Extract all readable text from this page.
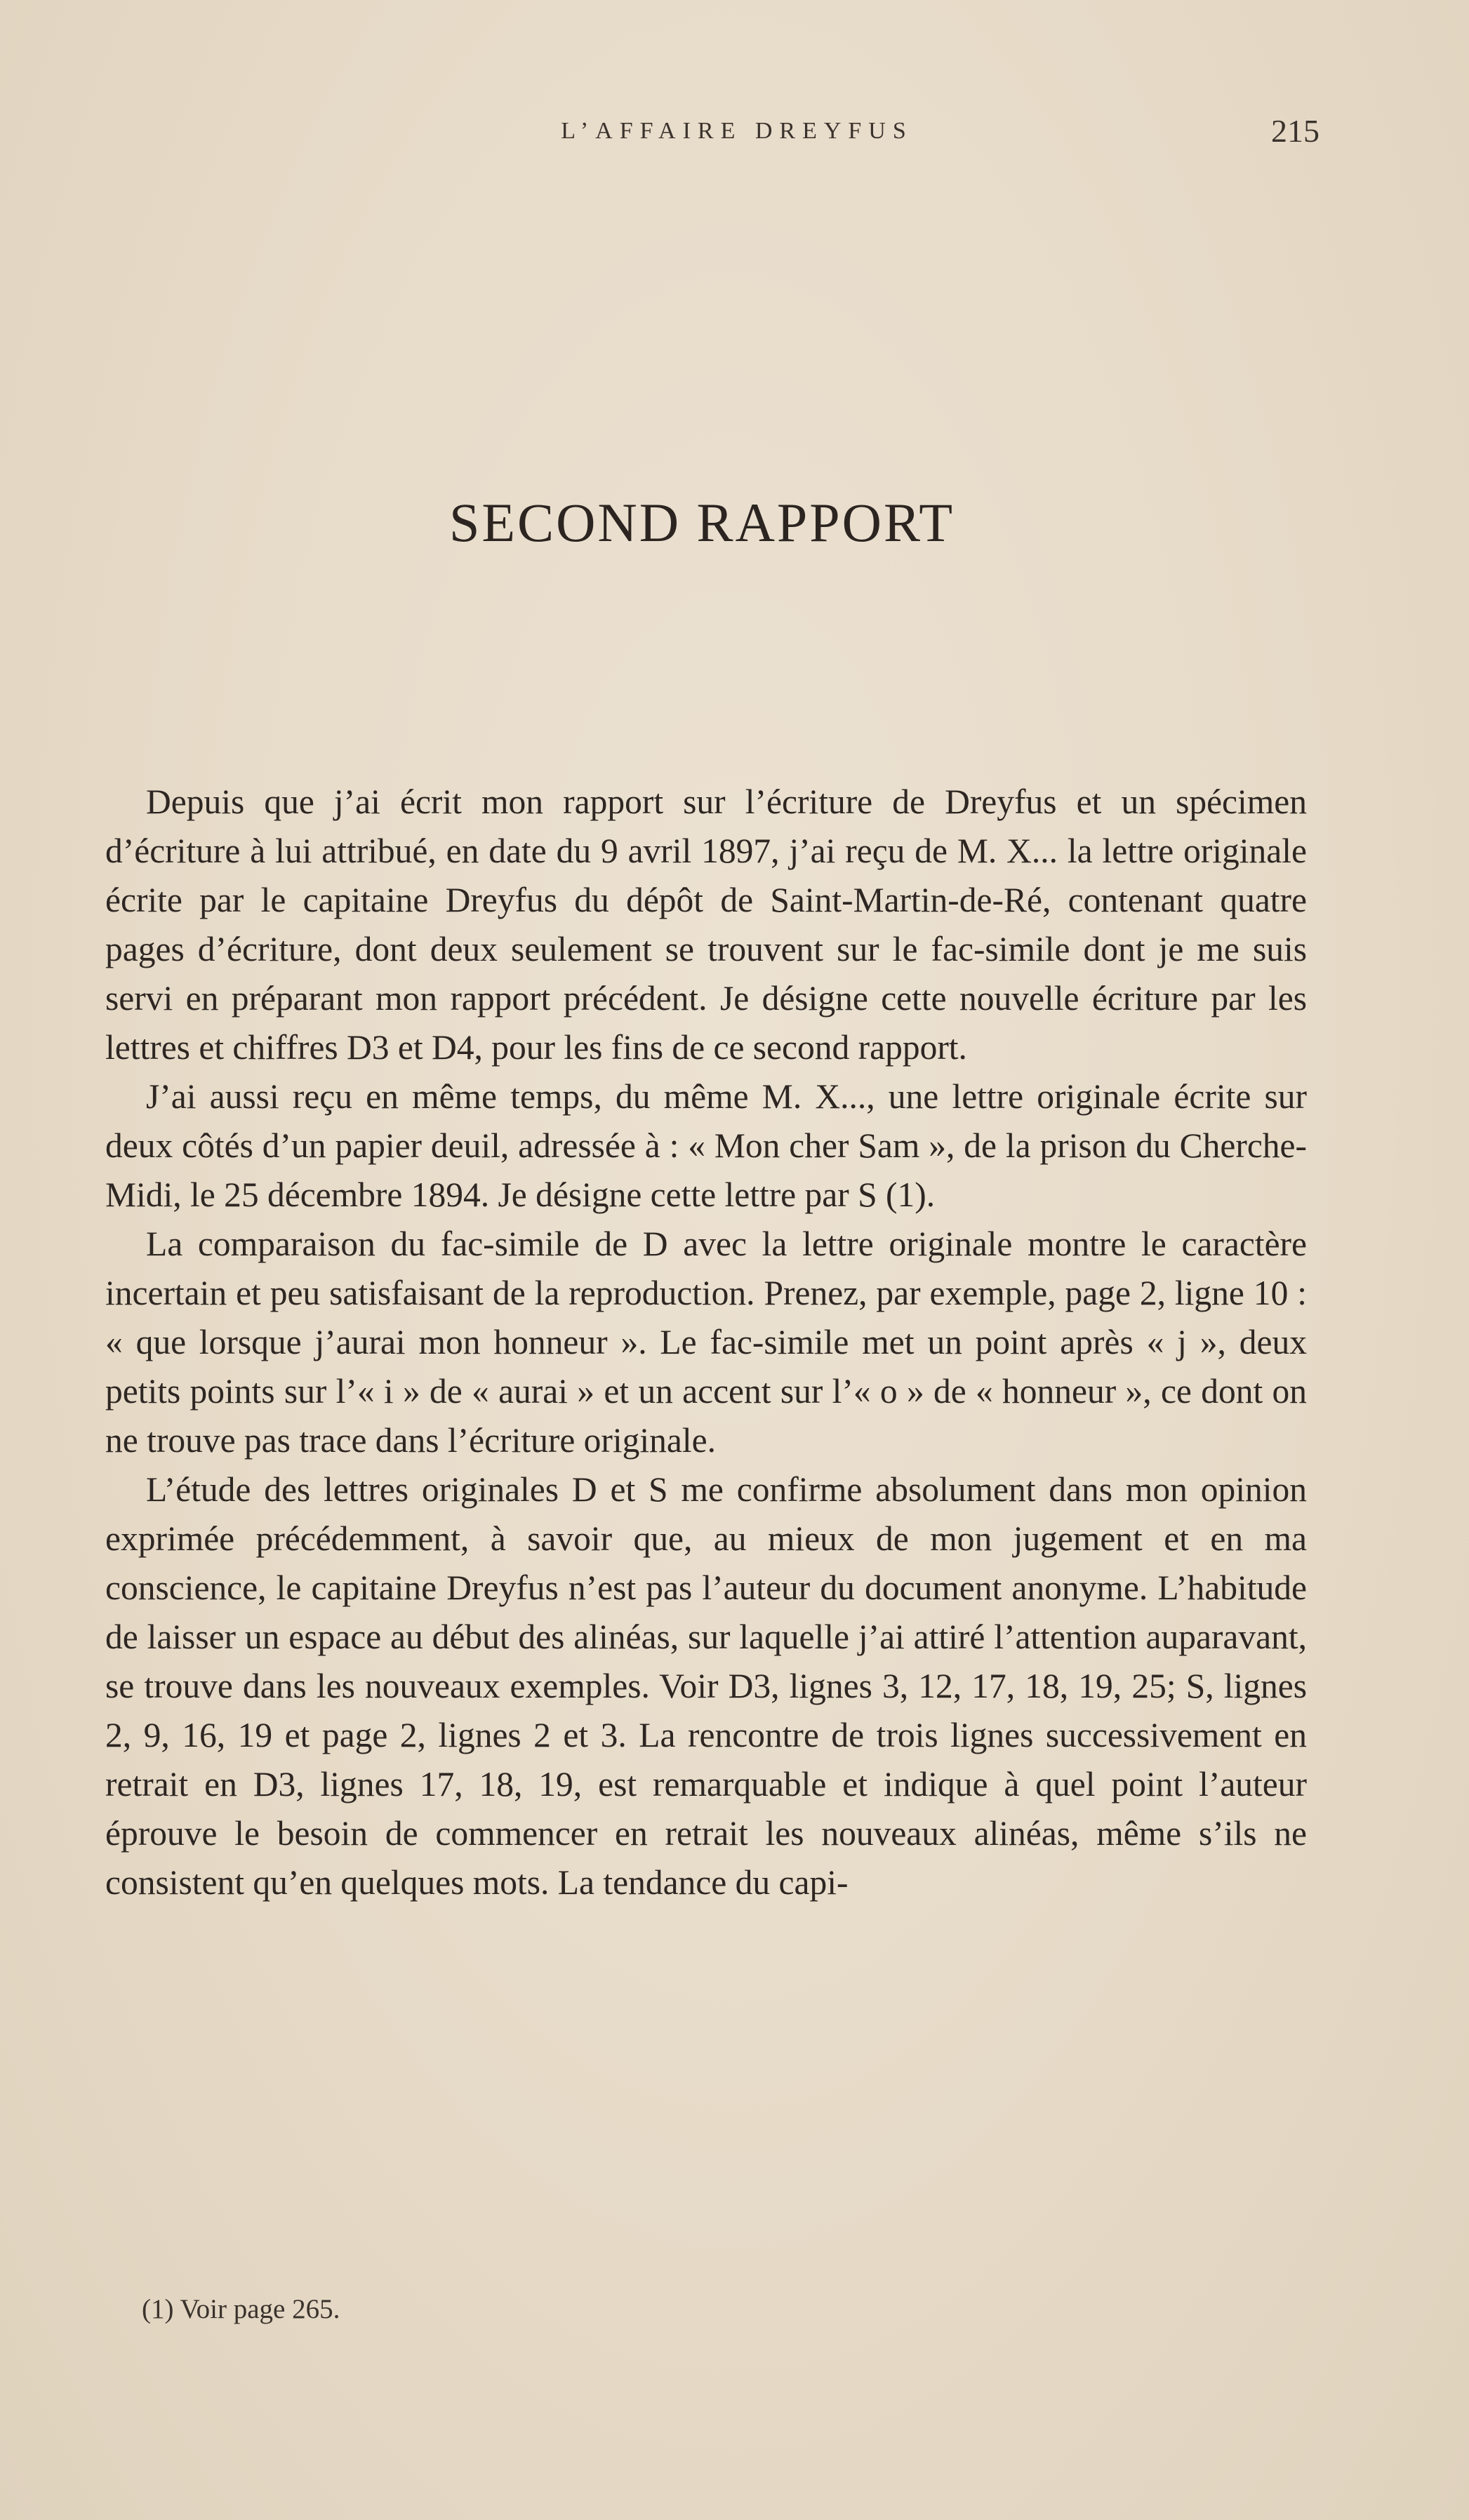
L’AFFAIRE DREYFUS	215
SECOND RAPPORT

Depuis que j’ai écrit mon rapport sur l’écriture de Dreyfus et un spécimen d’écriture à lui attribué, en date du 9 avril 1897, j’ai reçu de M. X... la lettre originale écrite par le capitaine Dreyfus du dépôt de Saint-Martin-de-Ré, contenant quatre pages d’écriture, dont deux seulement se trouvent sur le fac-simile dont je me suis servi en préparant mon rapport précédent. Je désigne cette nouvelle écriture par les lettres et chiffres D3 et D4, pour les fins de ce second rapport.

J’ai aussi reçu en même temps, du même M. X..., une lettre originale écrite sur deux côtés d’un papier deuil, adressée à : « Mon cher Sam », de la prison du Cherche-Midi, le 25 décembre 1894. Je désigne cette lettre par S (1).

La comparaison du fac-simile de D avec la lettre originale montre le caractère incertain et peu satisfaisant de la reproduction. Prenez, par exemple, page 2, ligne 10 : « que lorsque j’aurai mon honneur ». Le fac-simile met un point après « j », deux petits points sur l’« i » de « aurai » et un accent sur l’« o » de « honneur », ce dont on ne trouve pas trace dans l’écriture originale.

L’étude des lettres originales D et S me confirme absolument dans mon opinion exprimée précédemment, à savoir que, au mieux de mon jugement et en ma conscience, le capitaine Dreyfus n’est pas l’auteur du document anonyme. L’habitude de laisser un espace au début des alinéas, sur laquelle j’ai attiré l’attention auparavant, se trouve dans les nouveaux exemples. Voir D3, lignes 3, 12, 17, 18, 19, 25; S, lignes 2, 9, 16, 19 et page 2, lignes 2 et 3. La rencontre de trois lignes successivement en retrait en D3, lignes 17, 18, 19, est remarquable et indique à quel point l’auteur éprouve le besoin de commencer en retrait les nouveaux alinéas, même s’ils ne consistent qu’en quelques mots. La tendance du capi-

(1) Voir page 265.
